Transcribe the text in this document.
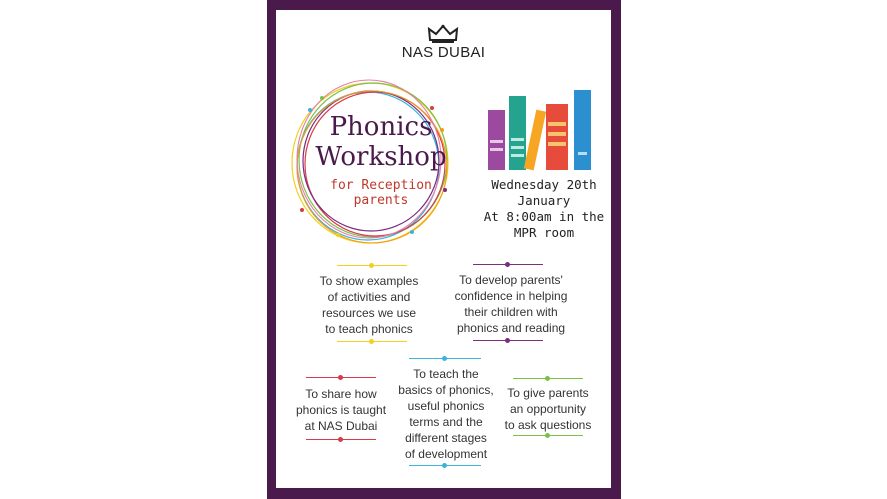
NAS DUBAI
Phonics
Workshop
for Reception
parents
Wednesday 20th
January
At 8:00am in the
MPR room
To show examples
of activities and
resources we use
to teach phonics
To develop parents'
confidence in helping
their children with
phonics and reading
To share how
phonics is taught
at NAS Dubai
To teach the
basics of phonics,
useful phonics
terms and the
different stages
of development
To give parents
an opportunity
to ask questions
